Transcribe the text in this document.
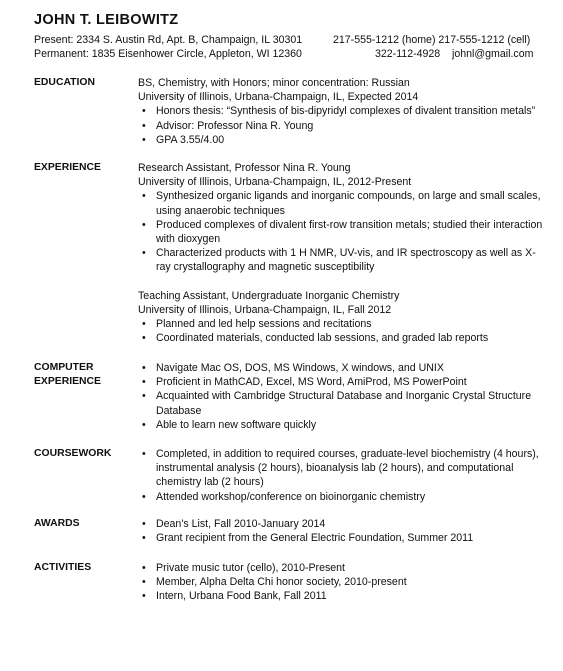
JOHN T. LEIBOWITZ
Present: 2334 S. Austin Rd, Apt. B, Champaign, IL 30301	217-555-1212 (home) 217-555-1212 (cell)
Permanent: 1835 Eisenhower Circle, Appleton, WI 12360	322-112-4928 johnl@gmail.com
EDUCATION	BS, Chemistry, with Honors; minor concentration: Russian
University of Illinois, Urbana-Champaign, IL, Expected 2014
• Honors thesis: “Synthesis of bis-dipyridyl complexes of divalent transition metals”
• Advisor: Professor Nina R. Young
• GPA 3.55/4.00
EXPERIENCE	Research Assistant, Professor Nina R. Young
University of Illinois, Urbana-Champaign, IL, 2012-Present
• Synthesized organic ligands and inorganic compounds, on large and small scales, using anaerobic techniques
• Produced complexes of divalent first-row transition metals; studied their interaction with dioxygen
• Characterized products with 1 H NMR, UV-vis, and IR spectroscopy as well as X-ray crystallography and magnetic susceptibility
Teaching Assistant, Undergraduate Inorganic Chemistry
University of Illinois, Urbana-Champaign, IL, Fall 2012
• Planned and led help sessions and recitations
• Coordinated materials, conducted lab sessions, and graded lab reports
COMPUTER
EXPERIENCE
• Navigate Mac OS, DOS, MS Windows, X windows, and UNIX
• Proficient in MathCAD, Excel, MS Word, AmiProd, MS PowerPoint
• Acquainted with Cambridge Structural Database and Inorganic Crystal Structure Database
• Able to learn new software quickly
COURSEWORK	• Completed, in addition to required courses, graduate-level biochemistry (4 hours), instrumental analysis (2 hours), bioanalysis lab (2 hours), and computational chemistry lab (2 hours)
• Attended workshop/conference on bioinorganic chemistry
AWARDS	• Dean's List, Fall 2010-January 2014
• Grant recipient from the General Electric Foundation, Summer 2011
ACTIVITIES	• Private music tutor (cello), 2010-Present
• Member, Alpha Delta Chi honor society, 2010-present
• Intern, Urbana Food Bank, Fall 2011
